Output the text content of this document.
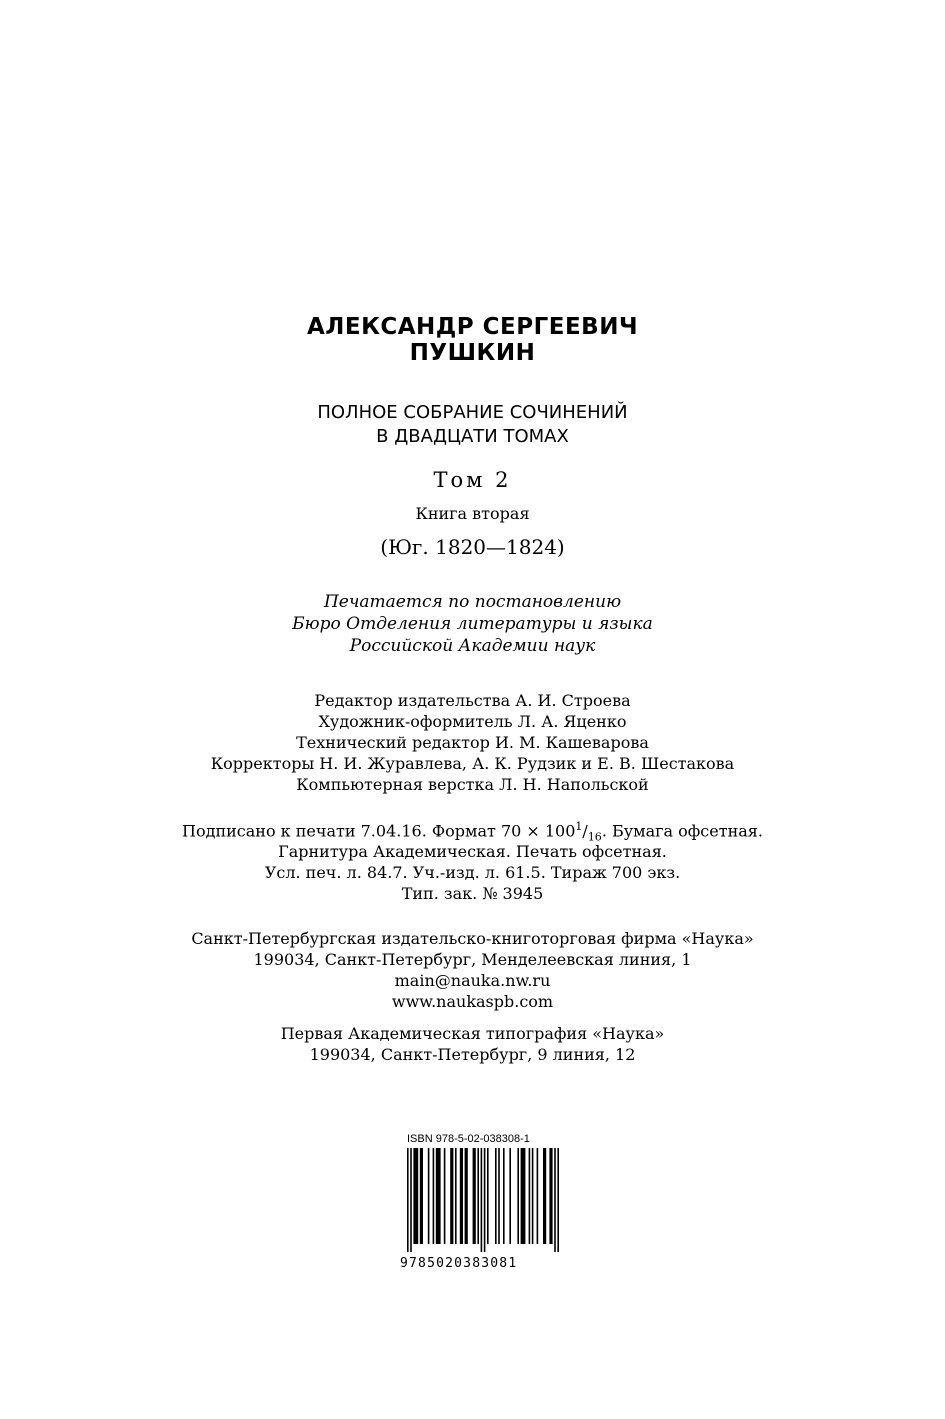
АЛЕКСАНДР СЕРГЕЕВИЧ
ПУШКИН
ПОЛНОЕ СОБРАНИЕ СОЧИНЕНИЙ
В ДВАДЦАТИ ТОМАХ
Том 2
Книга вторая
(Юг. 1820—1824)
Печатается по постановлению
Бюро Отделения литературы и языка
Российской Академии наук
Редактор издательства А. И. Строева
Художник-оформитель Л. А. Яценко
Технический редактор И. М. Кашеварова
Корректоры Н. И. Журавлева, А. К. Рудзик и Е. В. Шестакова
Компьютерная верстка Л. Н. Напольской
Подписано к печати 7.04.16. Формат $70 \times 100^1/_{16}$. Бумага офсетная.
Гарнитура Академическая. Печать офсетная.
Усл. печ. л. 84.7. Уч.-изд. л. 61.5. Тираж 700 экз.
Тип. зак. № 3945
Санкт-Петербургская издательско-книготорговая фирма «Наука»
199034, Санкт-Петербург, Менделеевская линия, 1
main@nauka.nw.ru
www.naukaspb.com
Первая Академическая типография «Наука»
199034, Санкт-Петербург, 9 линия, 12
ISBN 978-5-02-038308-1
9785020383081
